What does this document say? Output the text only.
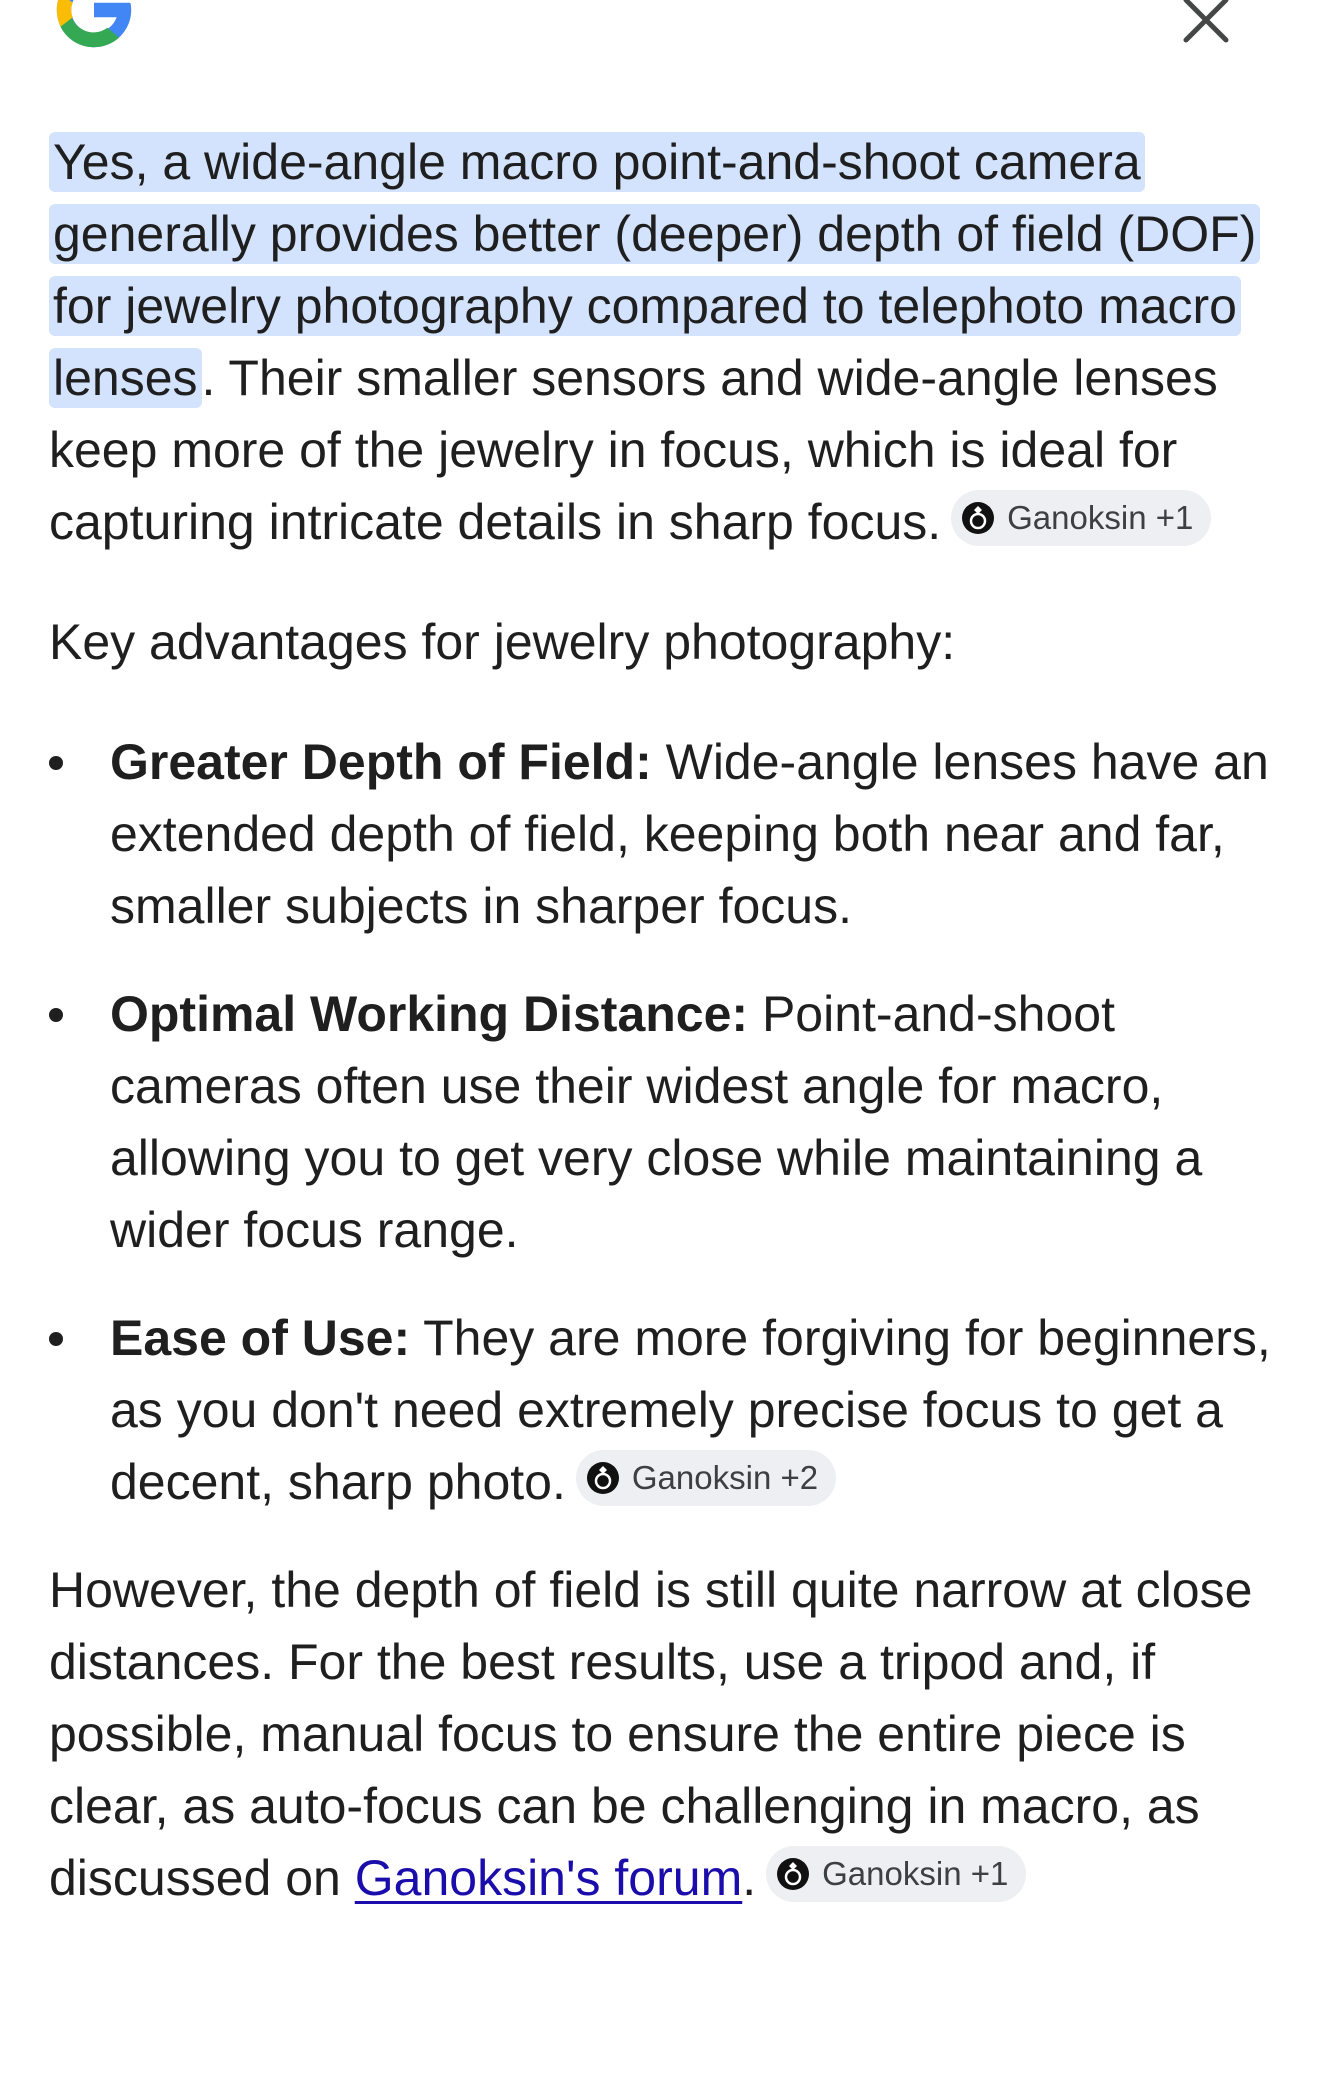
Yes, a wide-angle macro point-and-shoot camera generally provides better (deeper) depth of field (DOF) for jewelry photography compared to telephoto macro lenses. Their smaller sensors and wide-angle lenses keep more of the jewelry in focus, which is ideal for capturing intricate details in sharp focus. Ganoksin +1

Key advantages for jewelry photography:

Greater Depth of Field: Wide-angle lenses have an extended depth of field, keeping both near and far, smaller subjects in sharper focus.
Optimal Working Distance: Point-and-shoot cameras often use their widest angle for macro, allowing you to get very close while maintaining a wider focus range.
Ease of Use: They are more forgiving for beginners, as you don't need extremely precise focus to get a decent, sharp photo. Ganoksin +2

However, the depth of field is still quite narrow at close distances. For the best results, use a tripod and, if possible, manual focus to ensure the entire piece is clear, as auto-focus can be challenging in macro, as discussed on Ganoksin's forum. Ganoksin +1
